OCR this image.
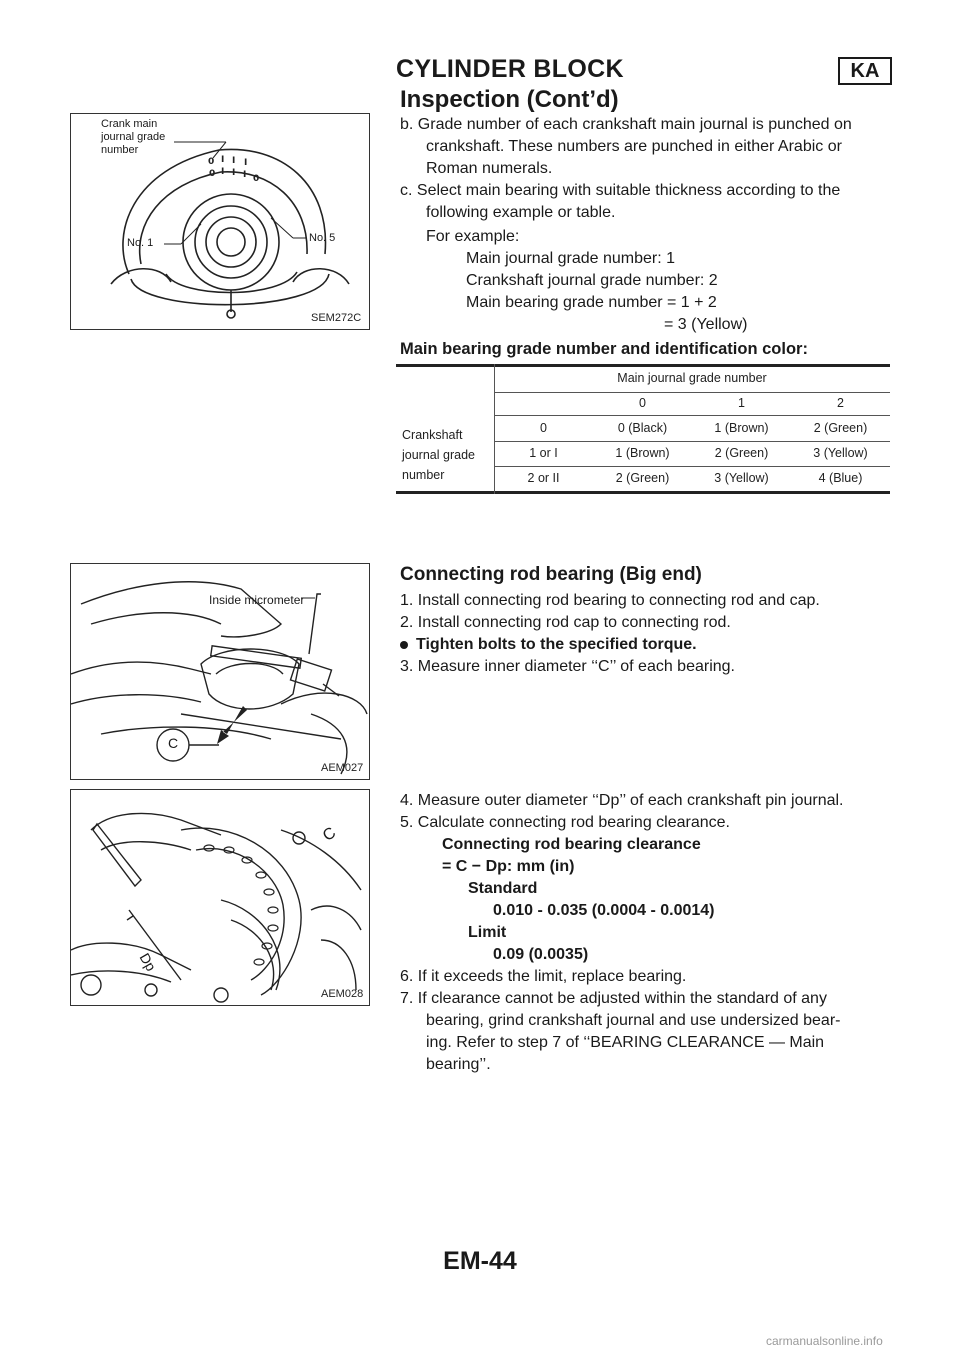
CYLINDER BLOCK	KA
Inspection (Cont’d)
0 I I I
0 I I I 0
Crank main
journal grade
number
No. 1	No. 5
SEM272C
b. Grade number of each crankshaft main journal is punched on
crankshaft. These numbers are punched in either Arabic or
Roman numerals.
c. Select main bearing with suitable thickness according to the
following example or table.
For example:
Main journal grade number: 1
Crankshaft journal grade number: 2
Main bearing grade number = 1 + 2
= 3 (Yellow)
Main bearing grade number and identification color:
Main journal grade number
0	1	2
Crankshaft
journal grade
number
0	0 (Black)	1 (Brown)	2 (Green)
1 or I	1 (Brown)	2 (Green)	3 (Yellow)
2 or II	2 (Green)	3 (Yellow)	4 (Blue)
Inside micrometer
C
AEM027
Connecting rod bearing (Big end)
1. Install connecting rod bearing to connecting rod and cap.
2. Install connecting rod cap to connecting rod.
Tighten bolts to the specified torque.
3. Measure inner diameter ‘‘C’’ of each bearing.
C
Dp
AEM028
4. Measure outer diameter ‘‘Dp’’ of each crankshaft pin journal.
5. Calculate connecting rod bearing clearance.
Connecting rod bearing clearance
= C − Dp: mm (in)
Standard
0.010 - 0.035 (0.0004 - 0.0014)
Limit
0.09 (0.0035)
6. If it exceeds the limit, replace bearing.
7. If clearance cannot be adjusted within the standard of any
bearing, grind crankshaft journal and use undersized bear-
ing. Refer to step 7 of ‘‘BEARING CLEARANCE — Main
bearing’’.
EM-44
carmanualsonline.info
